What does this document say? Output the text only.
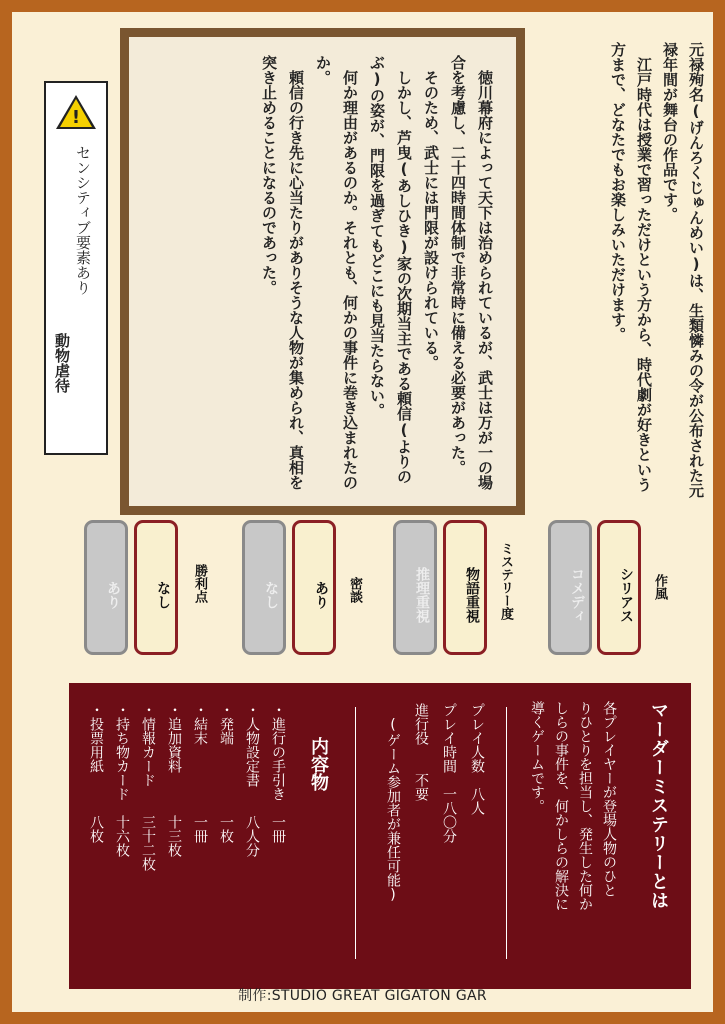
元禄殉名(げんろくじゅんめい)は、生類憐みの令が公布された元禄年間が舞台の作品です。

江戸時代は授業で習っただけという方から、時代劇が好きという方まで、どなたでもお楽しみいただけます。

徳川幕府によって天下は治められているが、武士は万が一の場合を考慮し、二十四時間体制で非常時に備える必要があった。

そのため、武士には門限が設けられている。

しかし、芦曳(あしひき)家の次期当主である頼信(よりのぶ)の姿が、門限を過ぎてもどこにも見当たらない。

何か理由があるのか。それとも、何かの事件に巻き込まれたのか。

頼信の行き先に心当たりがありそうな人物が集められ、真相を突き止めることになるのであった。

!
センシティブ要素あり
動物虐待
コメディ	シリアス	作風
推理重視	物語重視	ミステリー度
なし	あり	密談
あり	なし	勝利点
マーダーミステリーとは

各プレイヤーが登場人物のひと

りひとりを担当し、発生した何か

しらの事件を、何かしらの解決に

導くゲームです。

プレイ人数　八人

プレイ時間　一八〇分

進行役　　不要

　(ゲーム参加者が兼任可能)

内容物

・進行の手引き　一冊

・人物設定書　　八人分

・発端　　　　　一枚

・結末　　　　　一冊

・追加資料　　　十三枚

・情報カード　　三十二枚

・持ち物カード　十六枚

・投票用紙　　　八枚

制作:STUDIO GREAT GIGATON GAR
